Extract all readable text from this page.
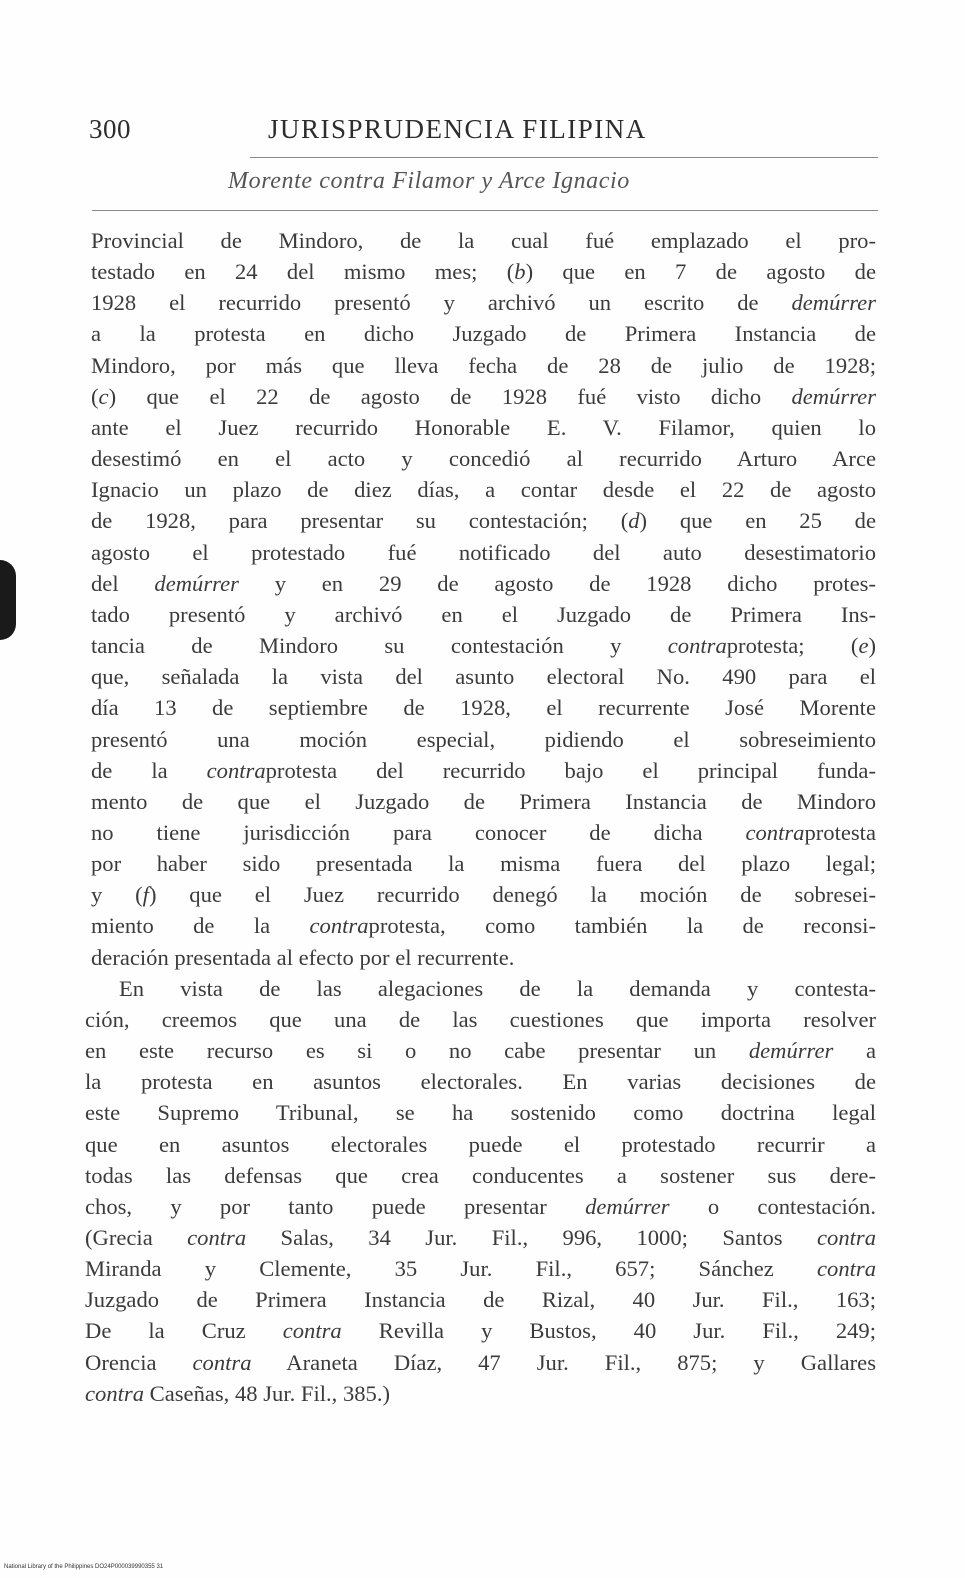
300	JURISPRUDENCIA FILIPINA
Morente contra Filamor y Arce Ignacio
Provincial de Mindoro, de la cual fué emplazado el pro-
testado en 24 del mismo mes; (b) que en 7 de agosto de
1928 el recurrido presentó y archivó un escrito de demúrrer
a la protesta en dicho Juzgado de Primera Instancia de
Mindoro, por más que lleva fecha de 28 de julio de 1928;
(c) que el 22 de agosto de 1928 fué visto dicho demúrrer
ante el Juez recurrido Honorable E. V. Filamor, quien lo
desestimó en el acto y concedió al recurrido Arturo Arce
Ignacio un plazo de diez días, a contar desde el 22 de agosto
de 1928, para presentar su contestación; (d) que en 25 de
agosto el protestado fué notificado del auto desestimatorio
del demúrrer y en 29 de agosto de 1928 dicho protes-
tado presentó y archivó en el Juzgado de Primera Ins-
tancia de Mindoro su contestación y contraprotesta; (e)
que, señalada la vista del asunto electoral No. 490 para el
día 13 de septiembre de 1928, el recurrente José Morente
presentó una moción especial, pidiendo el sobreseimiento
de la contraprotesta del recurrido bajo el principal funda-
mento de que el Juzgado de Primera Instancia de Mindoro
no tiene jurisdicción para conocer de dicha contraprotesta
por haber sido presentada la misma fuera del plazo legal;
y (f) que el Juez recurrido denegó la moción de sobresei-
miento de la contraprotesta, como también la de reconsi-
deración presentada al efecto por el recurrente.
En vista de las alegaciones de la demanda y contesta-
ción, creemos que una de las cuestiones que importa resolver
en este recurso es si o no cabe presentar un demúrrer a
la protesta en asuntos electorales. En varias decisiones de
este Supremo Tribunal, se ha sostenido como doctrina legal
que en asuntos electorales puede el protestado recurrir a
todas las defensas que crea conducentes a sostener sus dere-
chos, y por tanto puede presentar demúrrer o contestación.
(Grecia contra Salas, 34 Jur. Fil., 996, 1000; Santos contra
Miranda y Clemente, 35 Jur. Fil., 657; Sánchez contra
Juzgado de Primera Instancia de Rizal, 40 Jur. Fil., 163;
De la Cruz contra Revilla y Bustos, 40 Jur. Fil., 249;
Orencia contra Araneta Díaz, 47 Jur. Fil., 875; y Gallares
contra Caseñas, 48 Jur. Fil., 385.)
National Library of the Philippines DO24P000039990355 31
